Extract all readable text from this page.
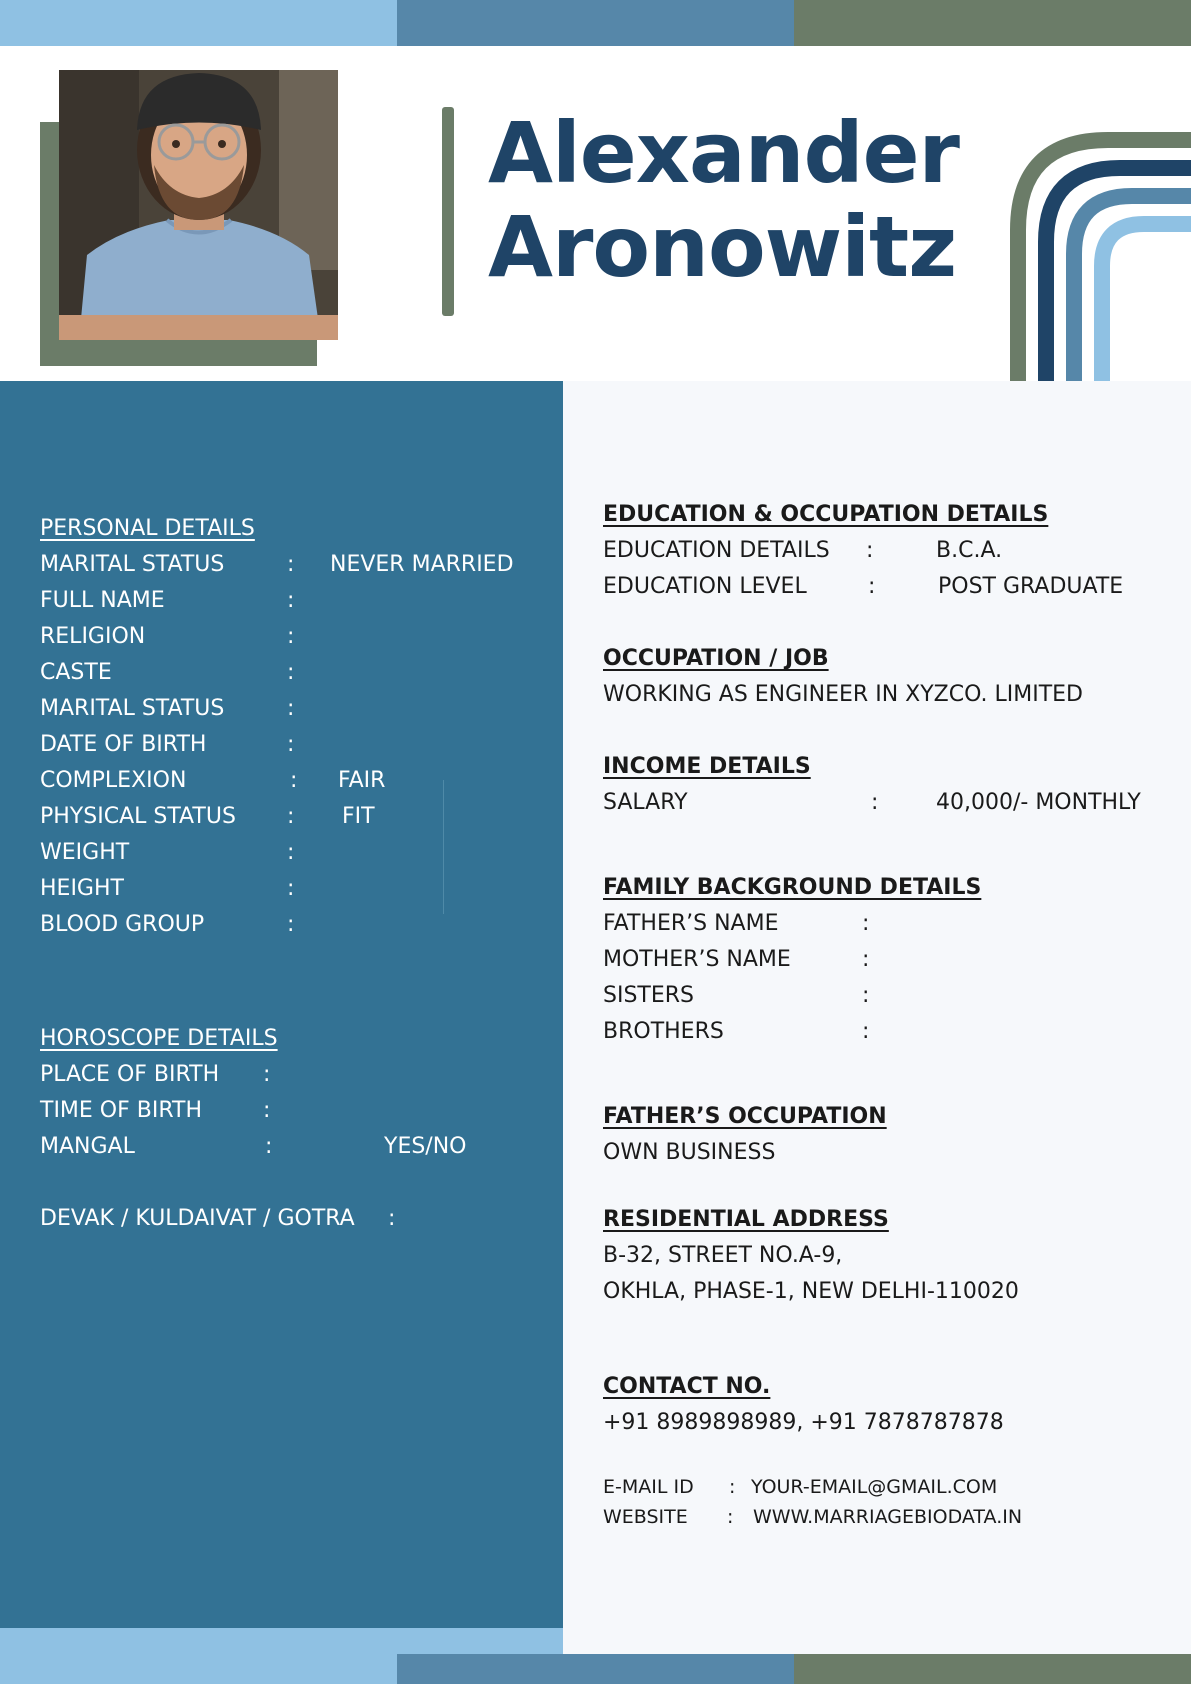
Alexander
Aronowitz
PERSONAL DETAILS
MARITAL STATUS	: NEVER MARRIED
FULL NAME	:
RELIGION	:
CASTE	:
MARITAL STATUS	:
DATE OF BIRTH	:
COMPLEXION	: FAIR
PHYSICAL STATUS : FIT
WEIGHT	:
HEIGHT	:
BLOOD GROUP	:
HOROSCOPE DETAILS
PLACE OF BIRTH :
TIME OF BIRTH	:
MANGAL	:	YES/NO
DEVAK / KULDAIVAT / GOTRA :
EDUCATION & OCCUPATION DETAILS
EDUCATION DETAILS :	B.C.A.
EDUCATION LEVEL	:	POST GRADUATE
OCCUPATION / JOB
WORKING AS ENGINEER IN XYZCO. LIMITED
INCOME DETAILS
SALARY	:	40,000/- MONTHLY
FAMILY BACKGROUND DETAILS
FATHER’S NAME	:
MOTHER’S NAME	:
SISTERS	:
BROTHERS	:
FATHER’S OCCUPATION
OWN BUSINESS
RESIDENTIAL ADDRESS
B-32, STREET NO.A-9,
OKHLA, PHASE-1, NEW DELHI-110020
CONTACT NO.
+91 8989898989, +91 7878787878
E-MAIL ID : YOUR-EMAIL@GMAIL.COM
WEBSITE : WWW.MARRIAGEBIODATA.IN
